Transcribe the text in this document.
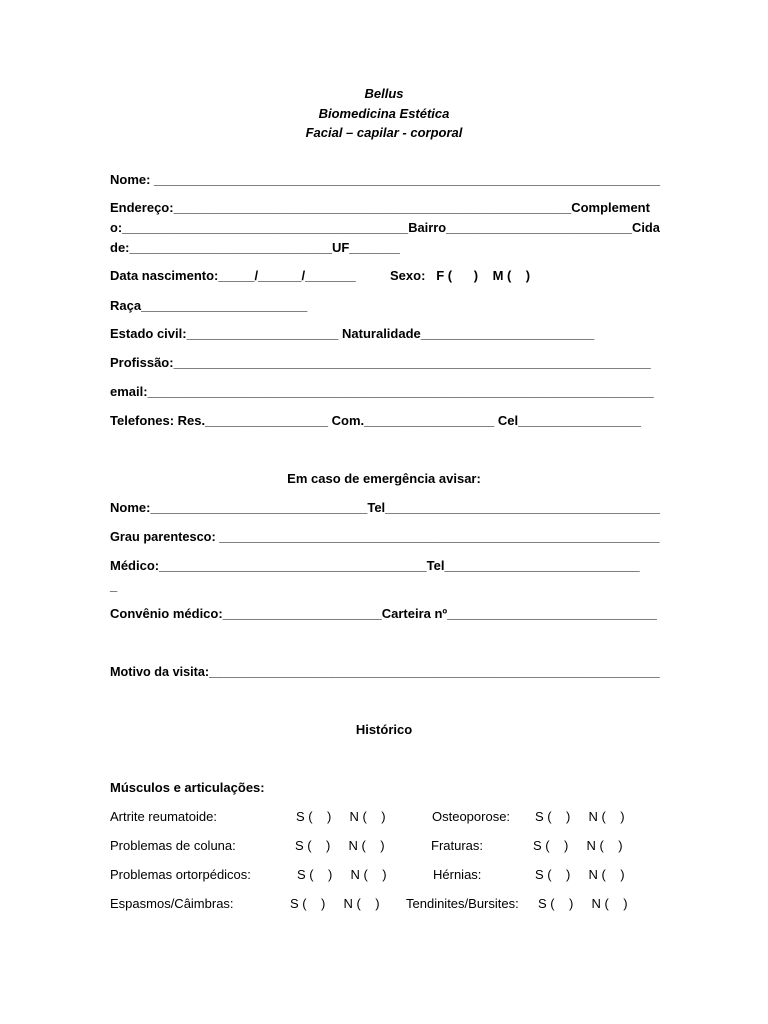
Bellus
Biomedicina Estética
Facial – capilar - corporal
Nome: ______________________________________________________________________
Endereço:_______________________________________________________Complement
o:________________________________________Bairro__________________________Cida
de:____________________________UF_______
Data nascimento:_____/______/_______	Sexo:   F (      )    M (    )
Raça_______________________
Estado civil:_____________________ Naturalidade________________________
Profissão:__________________________________________________________________
email:______________________________________________________________________
Telefones: Res._________________ Com.__________________ Cel_________________
Em caso de emergência avisar:
Nome:______________________________Tel______________________________________
Grau parentesco: ______________________________________________________________
Médico:_____________________________________Tel___________________________
_
Convênio médico:______________________Carteira nº_____________________________
Motivo da visita:________________________________________________________________
Histórico
Músculos e articulações:
Artrite reumatoide:	S (    )     N (    )	Osteoporose: S (    )     N (    )
Problemas de coluna:	S (    )     N (    )	Fraturas:	S (    )     N (    )
Problemas ortorpédicos:	S (    )     N (    )	Hérnias:	S (    )     N (    )
Espasmos/Câimbras:	S (    )     N (    ) Tendinites/Bursites: S (    )     N (    )
